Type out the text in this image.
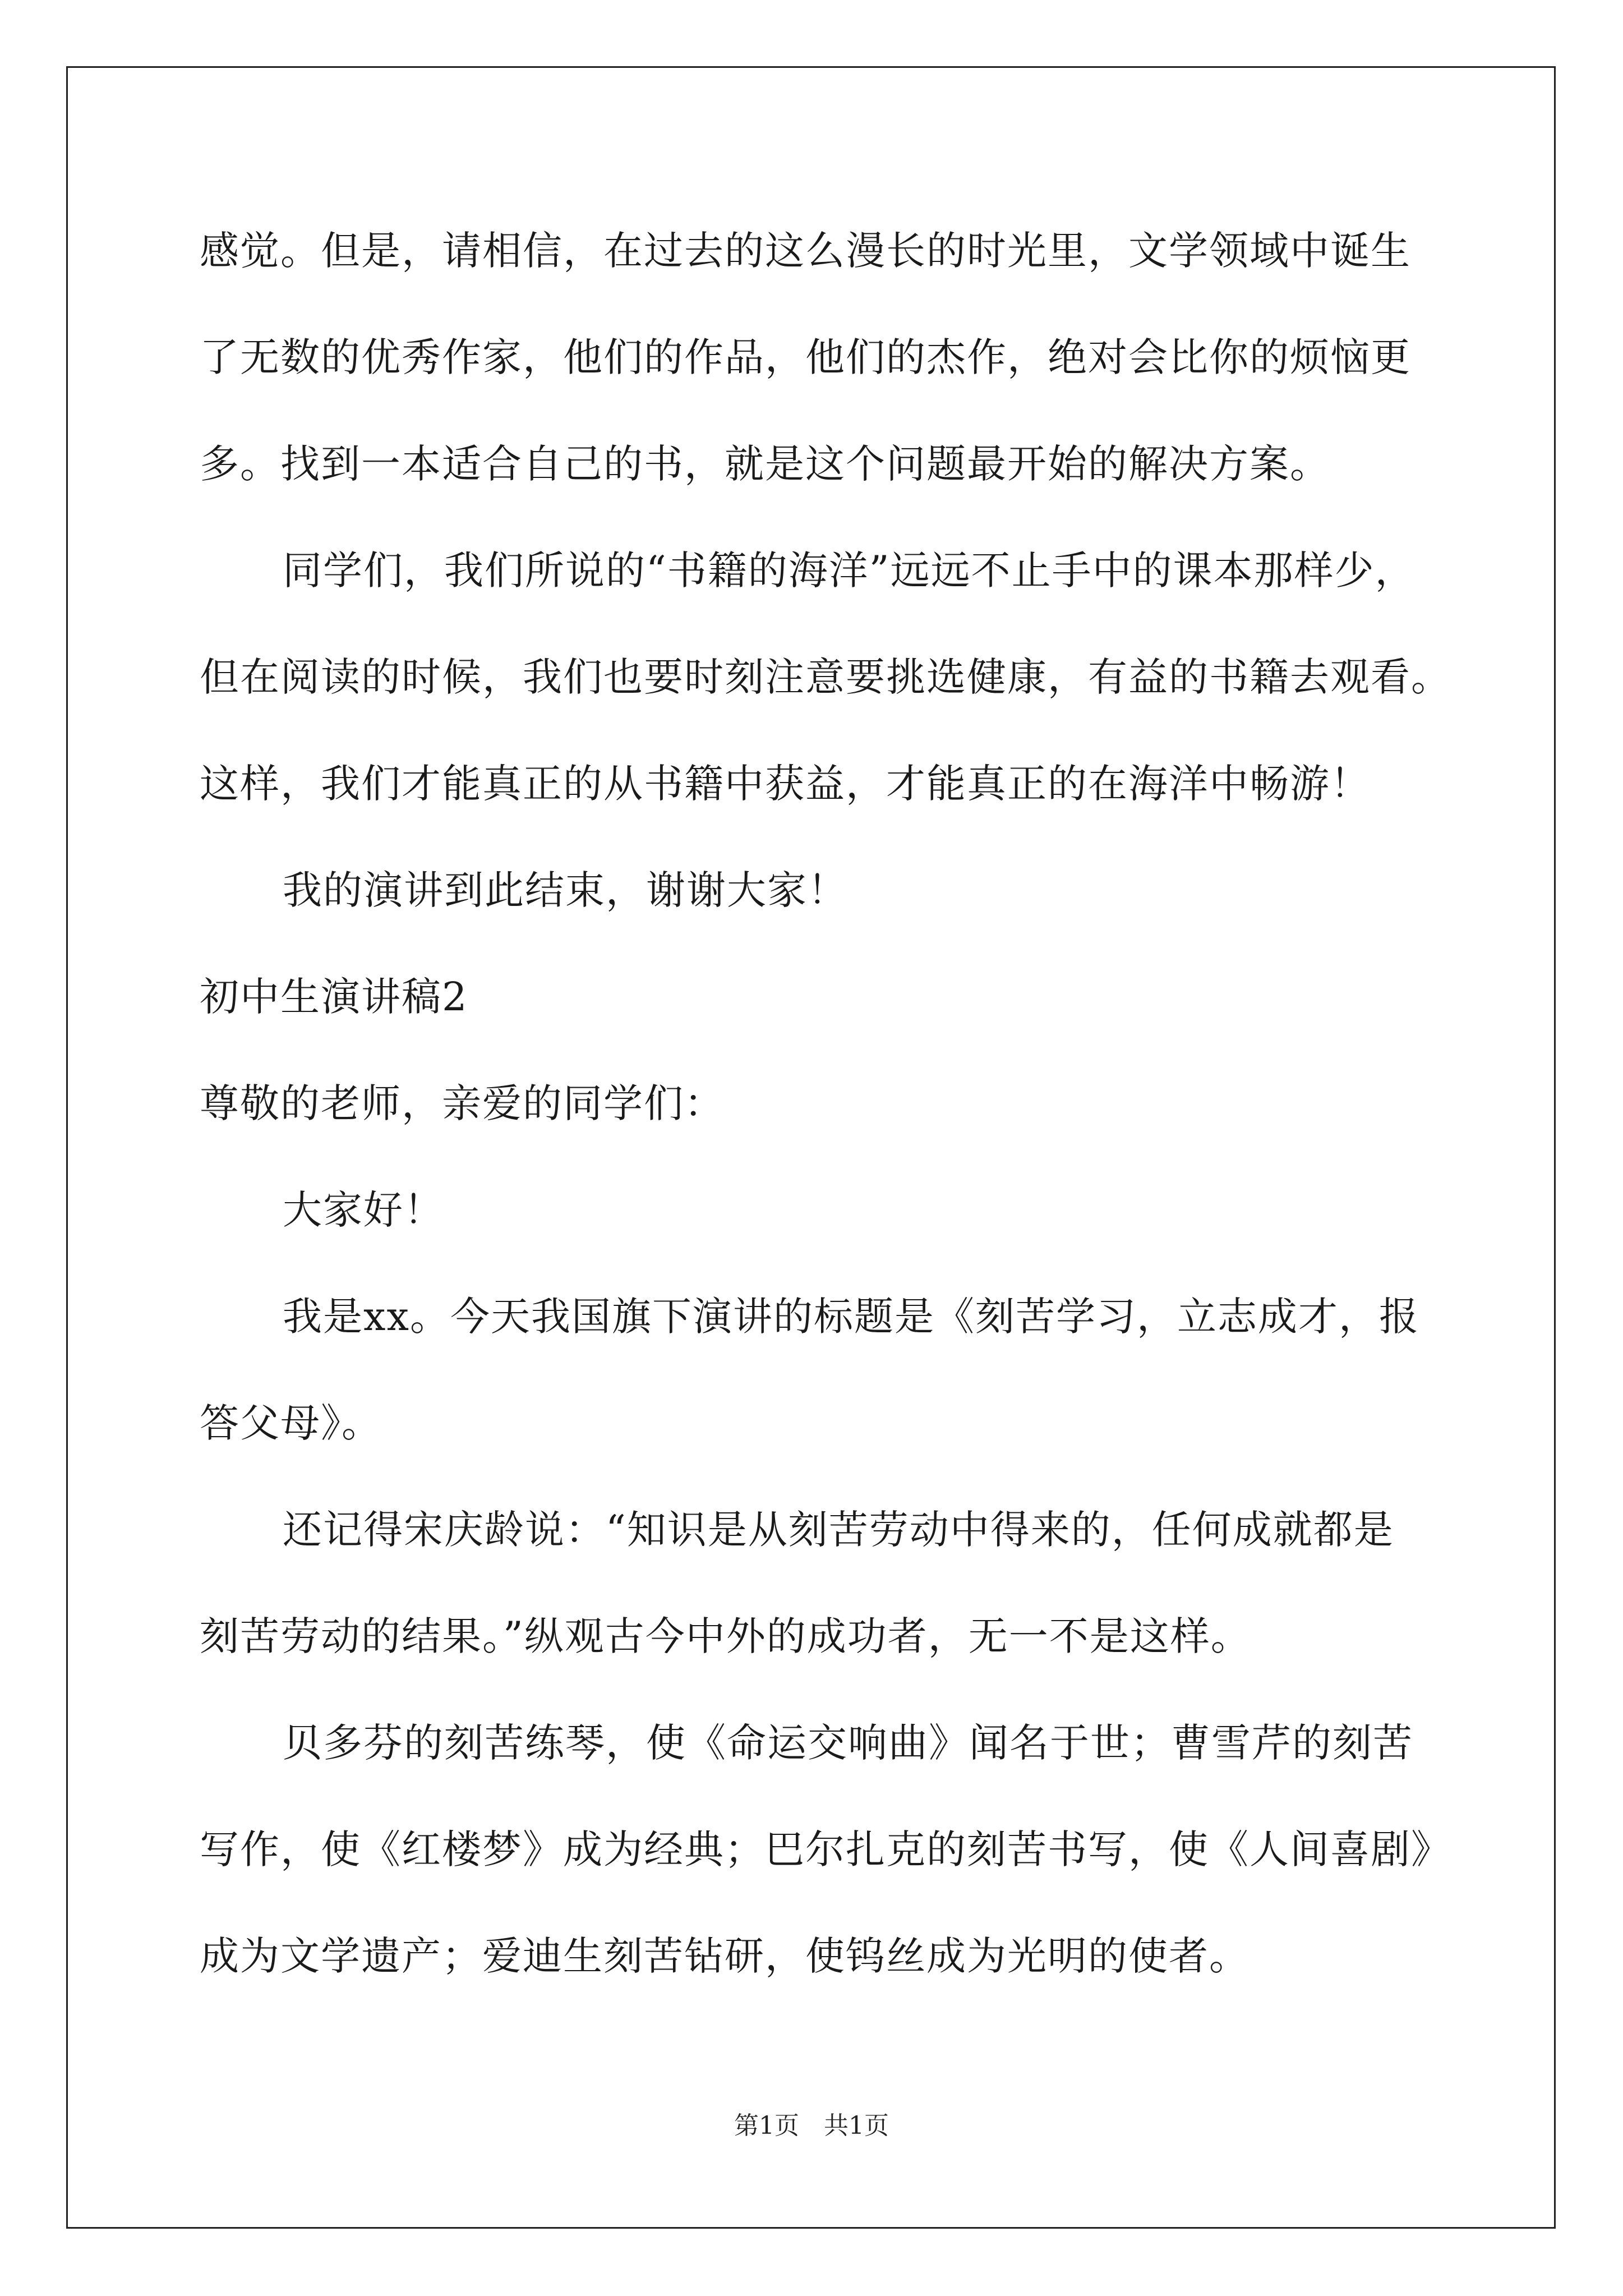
感觉。但是，请相信，在过去的这么漫长的时光里，文学领域中诞生
了无数的优秀作家，他们的作品，他们的杰作，绝对会比你的烦恼更
多。找到一本适合自己的书，就是这个问题最开始的解决方案。
同学们，我们所说的“书籍的海洋”远远不止手中的课本那样少，
但在阅读的时候，我们也要时刻注意要挑选健康，有益的书籍去观看。
这样，我们才能真正的从书籍中获益，才能真正的在海洋中畅游！
我的演讲到此结束，谢谢大家！
初中生演讲稿2
尊敬的老师，亲爱的同学们：
大家好！
我是xx。今天我国旗下演讲的标题是《刻苦学习，立志成才，报
答父母》。
还记得宋庆龄说：“知识是从刻苦劳动中得来的，任何成就都是
刻苦劳动的结果。”纵观古今中外的成功者，无一不是这样。
贝多芬的刻苦练琴，使《命运交响曲》闻名于世；曹雪芹的刻苦
写作，使《红楼梦》成为经典；巴尔扎克的刻苦书写，使《人间喜剧》
成为文学遗产；爱迪生刻苦钻研，使钨丝成为光明的使者。
第1页　共1页
